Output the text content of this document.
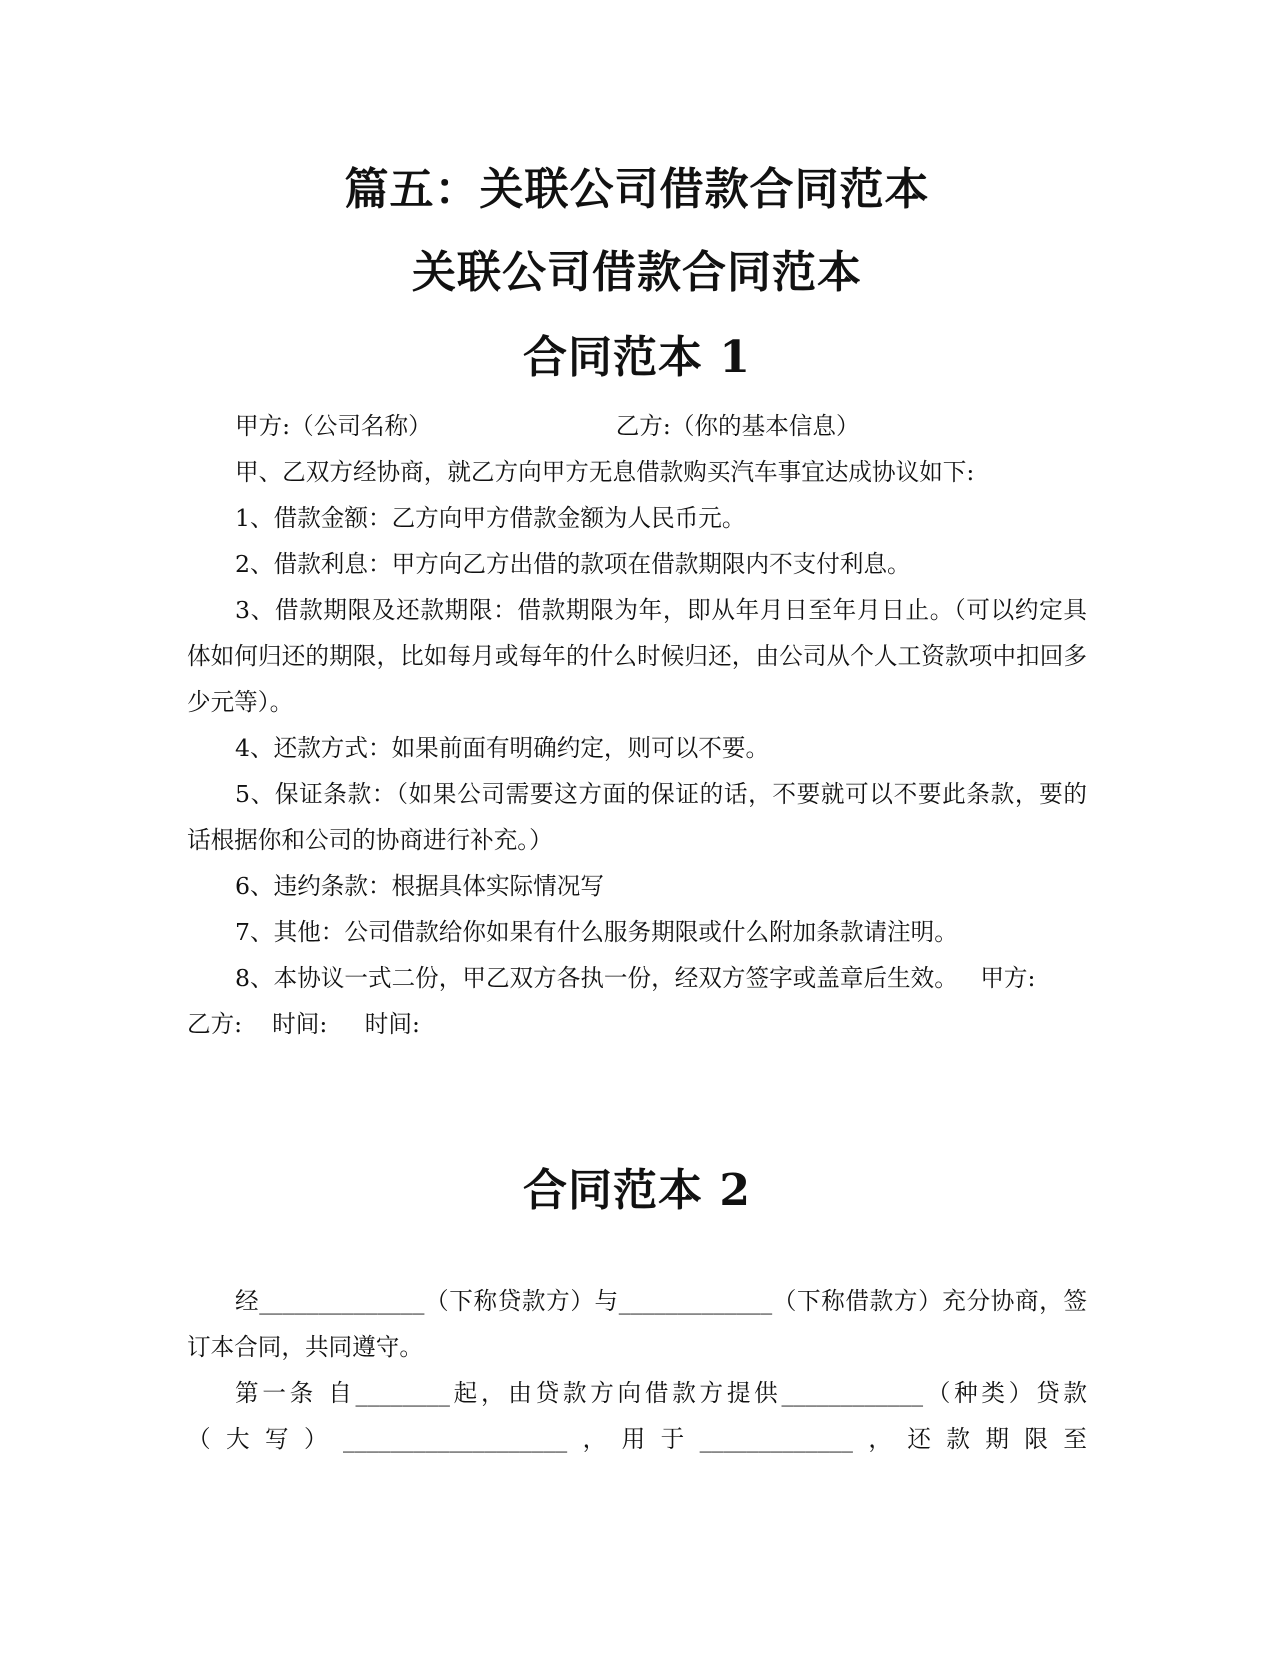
篇五：关联公司借款合同范本
关联公司借款合同范本
合同范本 1

甲方:（公司名称）	乙方:（你的基本信息）

甲、乙双方经协商，就乙方向甲方无息借款购买汽车事宜达成协议如下:

1、借款金额：乙方向甲方借款金额为人民币元。

2、借款利息：甲方向乙方出借的款项在借款期限内不支付利息。

3、借款期限及还款期限：借款期限为年，即从年月日至年月日止。（可以约定具体如何归还的期限，比如每月或每年的什么时候归还，由公司从个人工资款项中扣回多少元等）。

4、还款方式：如果前面有明确约定，则可以不要。

5、保证条款：（如果公司需要这方面的保证的话，不要就可以不要此条款，要的话根据你和公司的协商进行补充。）

6、违约条款：根据具体实际情况写

7、其他：公司借款给你如果有什么服务期限或什么附加条款请注明。

8、本协议一式二份，甲乙双方各执一份，经双方签字或盖章后生效。   甲方:

乙方:    时间:     时间:

合同范本 2

经______________（下称贷款方）与_____________（下称借款方）充分协商，签订本合同，共同遵守。

第一条 自________起，由贷款方向借款方提供____________（种类）贷款

（大写）___________________，用于_____________，还款期限至
